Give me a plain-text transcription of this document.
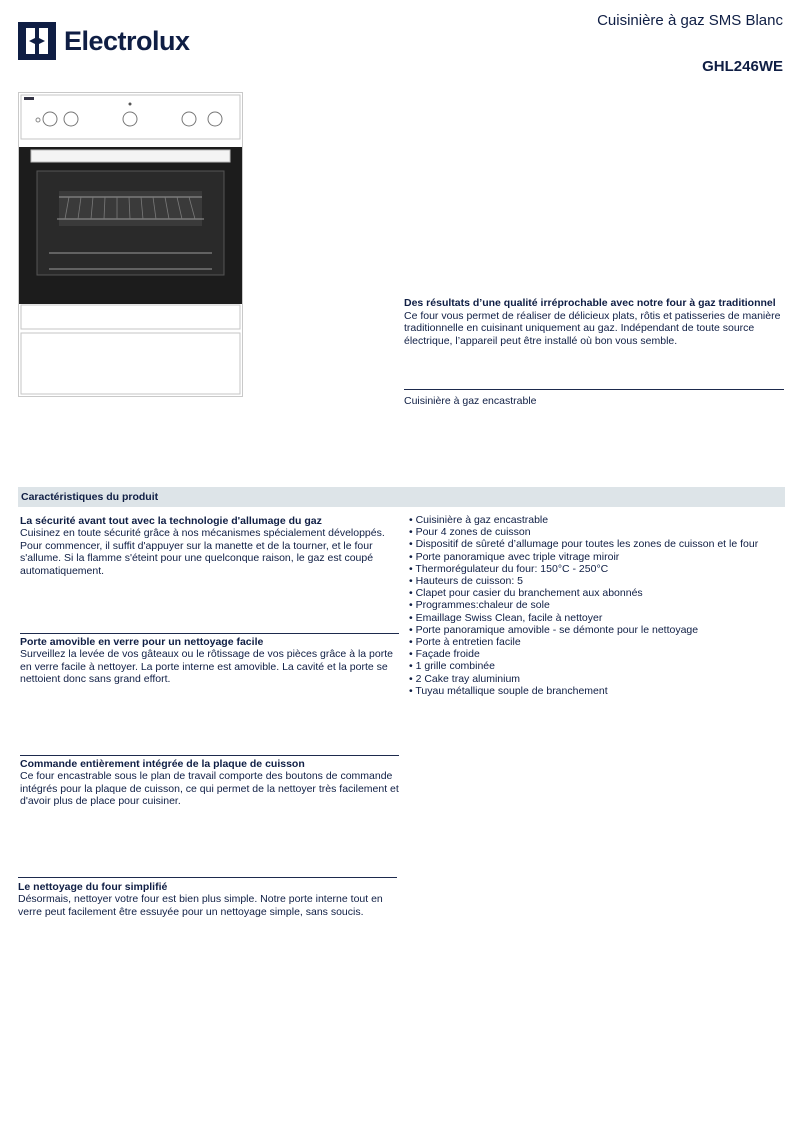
Electrolux
Cuisinière à gaz SMS Blanc
GHL246WE
Des résultats d’une qualité irréprochable avec notre four à gaz traditionnel
Ce four vous permet de réaliser de délicieux plats, rôtis et patisseries de manière traditionnelle en cuisinant uniquement au gaz. Indépendant de toute source électrique, l’appareil peut être installé où bon vous semble.
Cuisinière à gaz encastrable
Caractéristiques du produit
La sécurité avant tout avec la technologie d'allumage du gaz
Cuisinez en toute sécurité grâce à nos mécanismes spécialement développés. Pour commencer, il suffit d'appuyer sur la manette et de la tourner, et le four s'allume. Si la flamme s'éteint pour une quelconque raison, le gaz est coupé automatiquement.
Porte amovible en verre pour un nettoyage facile
Surveillez la levée de vos gâteaux ou le rôtissage de vos pièces grâce à la porte en verre facile à nettoyer. La porte interne est amovible. La cavité et la porte se nettoient donc sans grand effort.
Commande entièrement intégrée de la plaque de cuisson
Ce four encastrable sous le plan de travail comporte des boutons de commande intégrés pour la plaque de cuisson, ce qui permet de la nettoyer très facilement et d'avoir plus de place pour cuisiner.
Le nettoyage du four simplifié
Désormais, nettoyer votre four est bien plus simple. Notre porte interne tout en verre peut facilement être essuyée pour un nettoyage simple, sans soucis.
• Cuisinière à gaz encastrable
• Pour 4 zones de cuisson
• Dispositif de sûreté d’allumage pour toutes les zones de cuisson et le four
• Porte panoramique avec triple vitrage miroir
• Thermorégulateur du four: 150°C - 250°C
• Hauteurs de cuisson: 5
• Clapet pour casier du branchement aux abonnés
• Programmes:chaleur de sole
• Emaillage Swiss Clean, facile à nettoyer
• Porte panoramique amovible - se démonte pour le nettoyage
• Porte à entretien facile
• Façade froide
• 1 grille combinée
• 2 Cake tray aluminium
• Tuyau métallique souple de branchement
